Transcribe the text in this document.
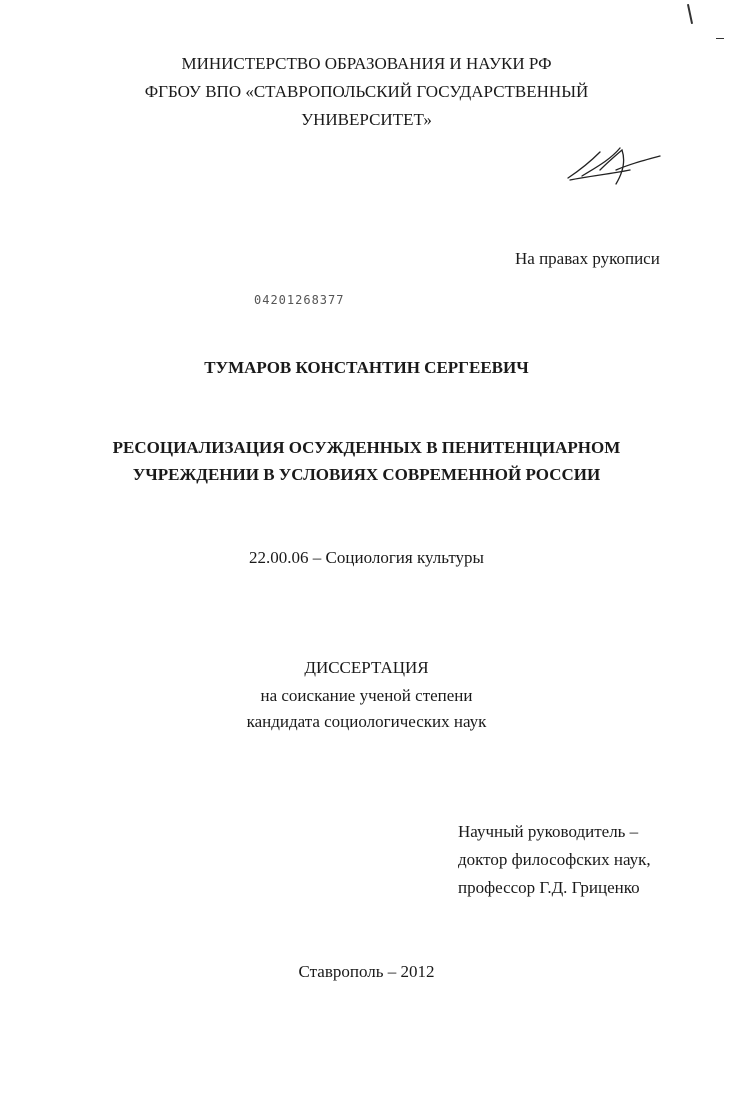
МИНИСТЕРСТВО ОБРАЗОВАНИЯ И НАУКИ РФ
ФГБОУ ВПО «СТАВРОПОЛЬСКИЙ ГОСУДАРСТВЕННЫЙ
УНИВЕРСИТЕТ»
На правах рукописи
04201268377
ТУМАРОВ КОНСТАНТИН СЕРГЕЕВИЧ
РЕСОЦИАЛИЗАЦИЯ ОСУЖДЕННЫХ В ПЕНИТЕНЦИАРНОМ
УЧРЕЖДЕНИИ В УСЛОВИЯХ СОВРЕМЕННОЙ РОССИИ
22.00.06 – Социология культуры
ДИССЕРТАЦИЯ
на соискание ученой степени
кандидата социологических наук
Научный руководитель –
доктор философских наук,
профессор Г.Д. Гриценко
Ставрополь – 2012
